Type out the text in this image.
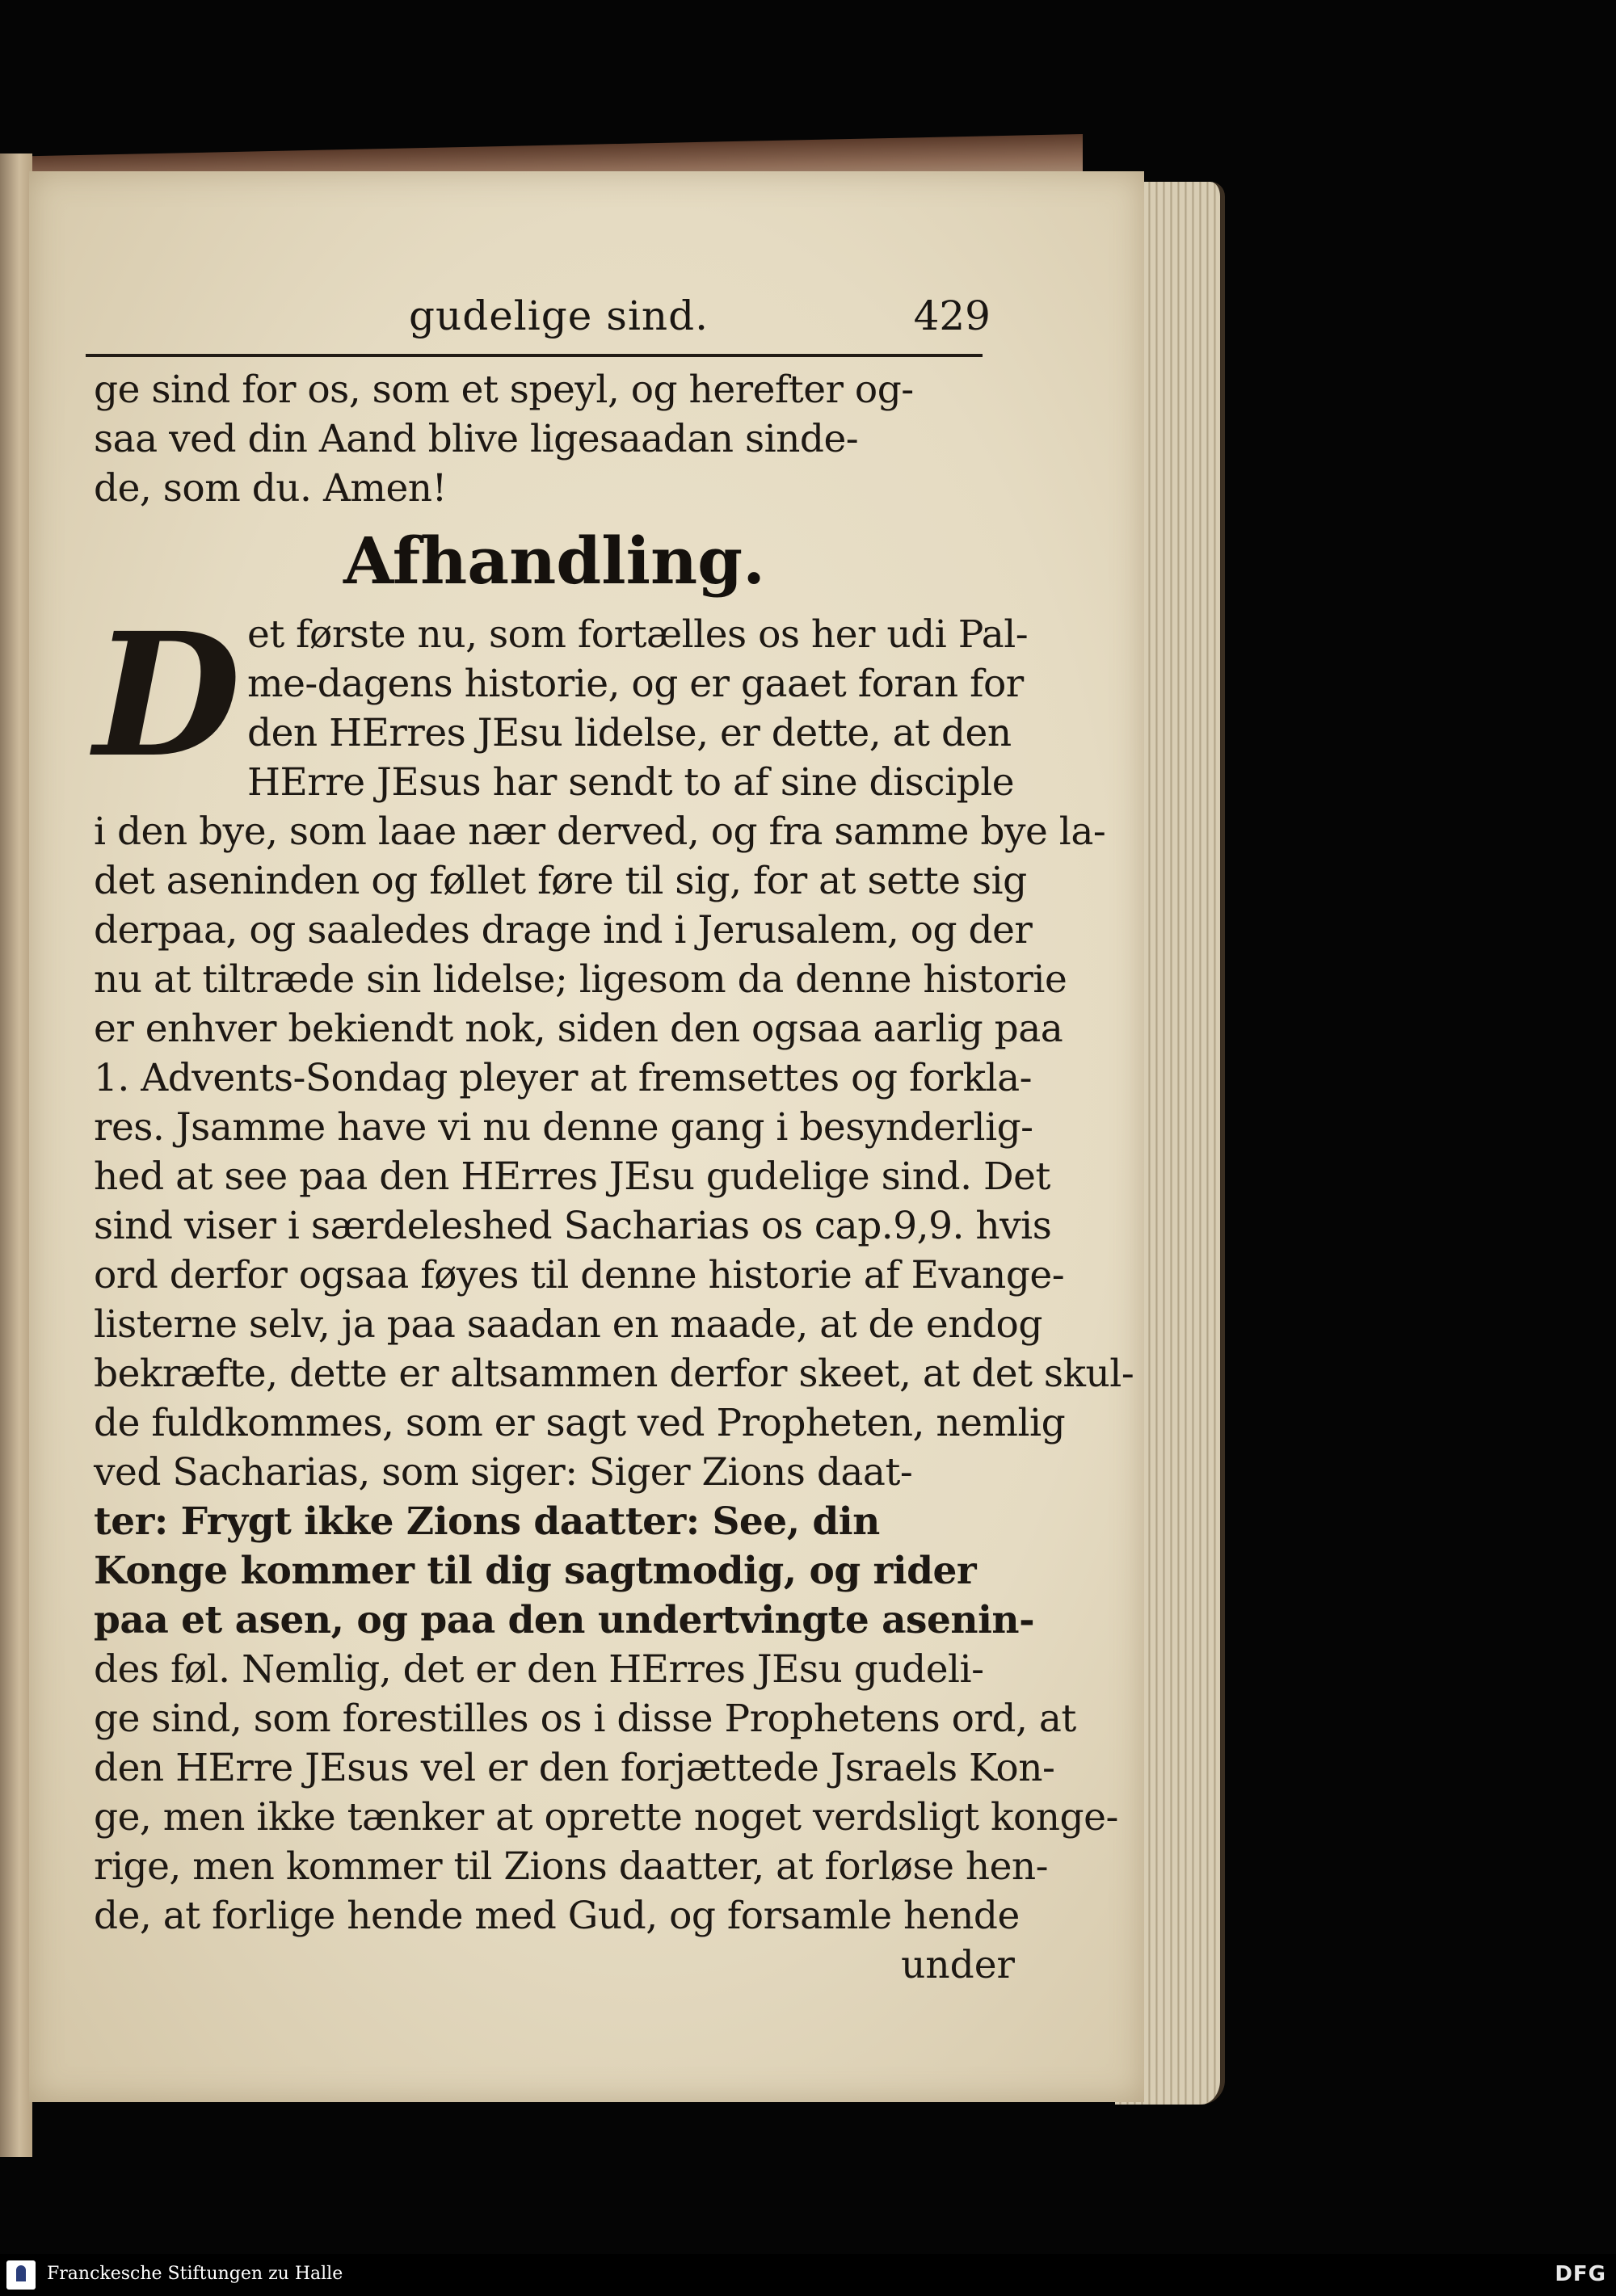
gudelige sind.	429
ge sind for os, som et speyl, og herefter og-
saa ved din Aand blive ligesaadan sinde-
de, som du. Amen!
Afhandling.
D et første nu, som fortælles os her udi Pal-
me-dagens historie, og er gaaet foran for
den HErres JEsu lidelse, er dette, at den
HErre JEsus har sendt to af sine disciple
i den bye, som laae nær derved, og fra samme bye la-
det aseninden og føllet føre til sig, for at sette sig
derpaa, og saaledes drage ind i Jerusalem, og der
nu at tiltræde sin lidelse; ligesom da denne historie
er enhver bekiendt nok, siden den ogsaa aarlig paa
1. Advents-Sondag pleyer at fremsettes og forkla-
res. Jsamme have vi nu denne gang i besynderlig-
hed at see paa den HErres JEsu gudelige sind. Det
sind viser i særdeleshed Sacharias os cap.9,9. hvis
ord derfor ogsaa føyes til denne historie af Evange-
listerne selv, ja paa saadan en maade, at de endog
bekræfte, dette er altsammen derfor skeet, at det skul-
de fuldkommes, som er sagt ved Propheten, nemlig
ved Sacharias, som siger: Siger Zions daat-
ter: Frygt ikke Zions daatter: See, din
Konge kommer til dig sagtmodig, og rider
paa et asen, og paa den undertvingte asenin-
des føl. Nemlig, det er den HErres JEsu gudeli-
ge sind, som forestilles os i disse Prophetens ord, at
den HErre JEsus vel er den forjættede Jsraels Kon-
ge, men ikke tænker at oprette noget verdsligt konge-
rige, men kommer til Zions daatter, at forløse hen-
de, at forlige hende med Gud, og forsamle hende
under
Franckesche Stiftungen zu Halle	DFG
